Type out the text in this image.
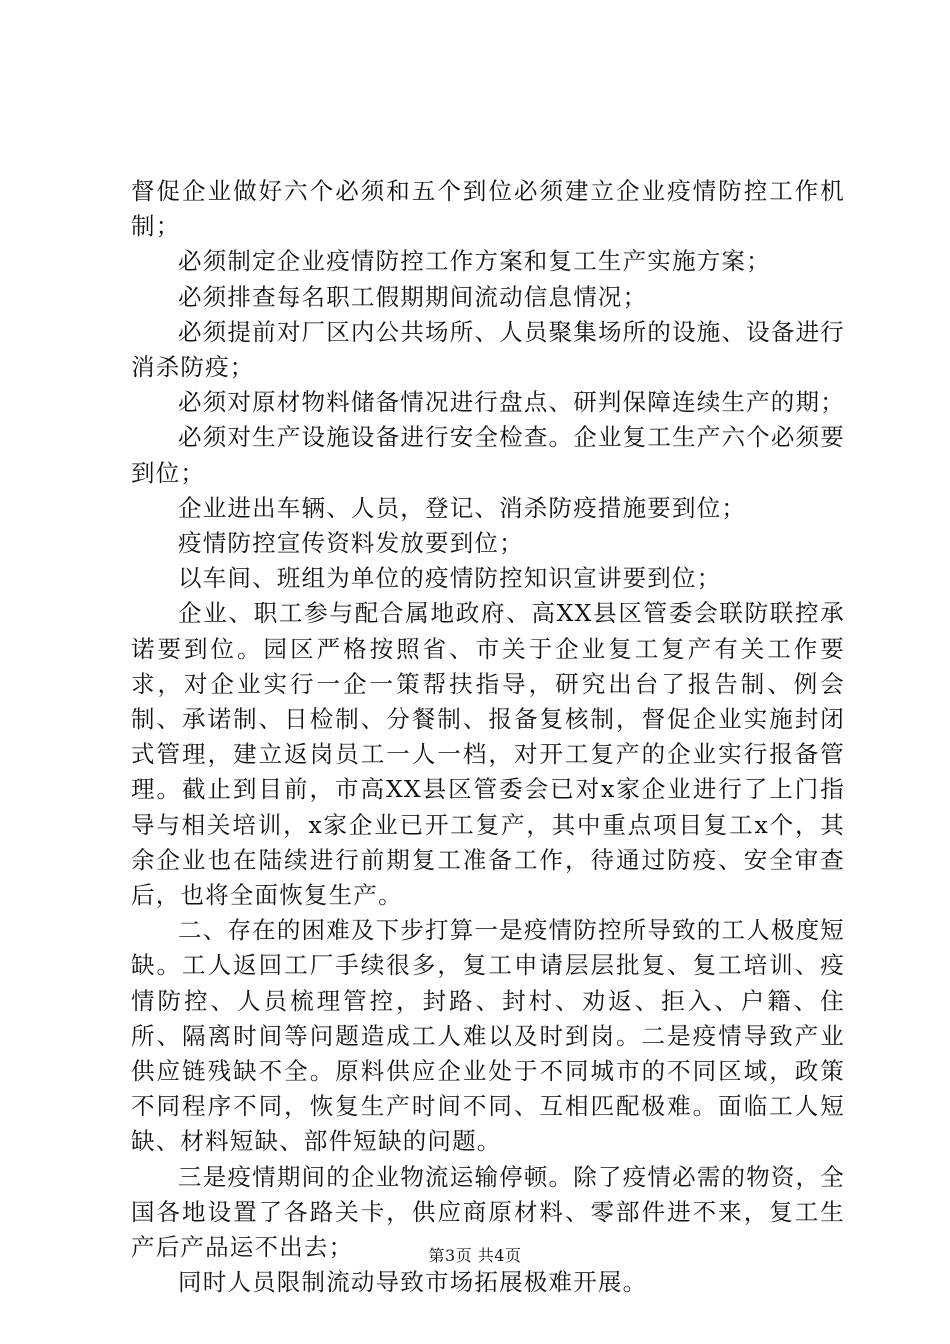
督促企业做好六个必须和五个到位必须建立企业疫情防控工作机制；

必须制定企业疫情防控工作方案和复工生产实施方案；

必须排查每名职工假期期间流动信息情况；

必须提前对厂区内公共场所、人员聚集场所的设施、设备进行消杀防疫；

必须对原材物料储备情况进行盘点、研判保障连续生产的期；

必须对生产设施设备进行安全检查。企业复工生产六个必须要到位；

企业进出车辆、人员，登记、消杀防疫措施要到位；

疫情防控宣传资料发放要到位；

以车间、班组为单位的疫情防控知识宣讲要到位；

企业、职工参与配合属地政府、高XX县区管委会联防联控承诺要到位。园区严格按照省、市关于企业复工复产有关工作要求，对企业实行一企一策帮扶指导，研究出台了报告制、例会制、承诺制、日检制、分餐制、报备复核制，督促企业实施封闭式管理，建立返岗员工一人一档，对开工复产的企业实行报备管理。截止到目前，市高XX县区管委会已对x家企业进行了上门指导与相关培训，x家企业已开工复产，其中重点项目复工x个，其余企业也在陆续进行前期复工准备工作，待通过防疫、安全审查后，也将全面恢复生产。

二、存在的困难及下步打算一是疫情防控所导致的工人极度短缺。工人返回工厂手续很多，复工申请层层批复、复工培训、疫情防控、人员梳理管控，封路、封村、劝返、拒入、户籍、住所、隔离时间等问题造成工人难以及时到岗。二是疫情导致产业供应链残缺不全。原料供应企业处于不同城市的不同区域，政策不同程序不同，恢复生产时间不同、互相匹配极难。面临工人短缺、材料短缺、部件短缺的问题。

三是疫情期间的企业物流运输停顿。除了疫情必需的物资，全国各地设置了各路关卡，供应商原材料、零部件进不来，复工生产后产品运不出去；

同时人员限制流动导致市场拓展极难开展。

第3页 共4页
